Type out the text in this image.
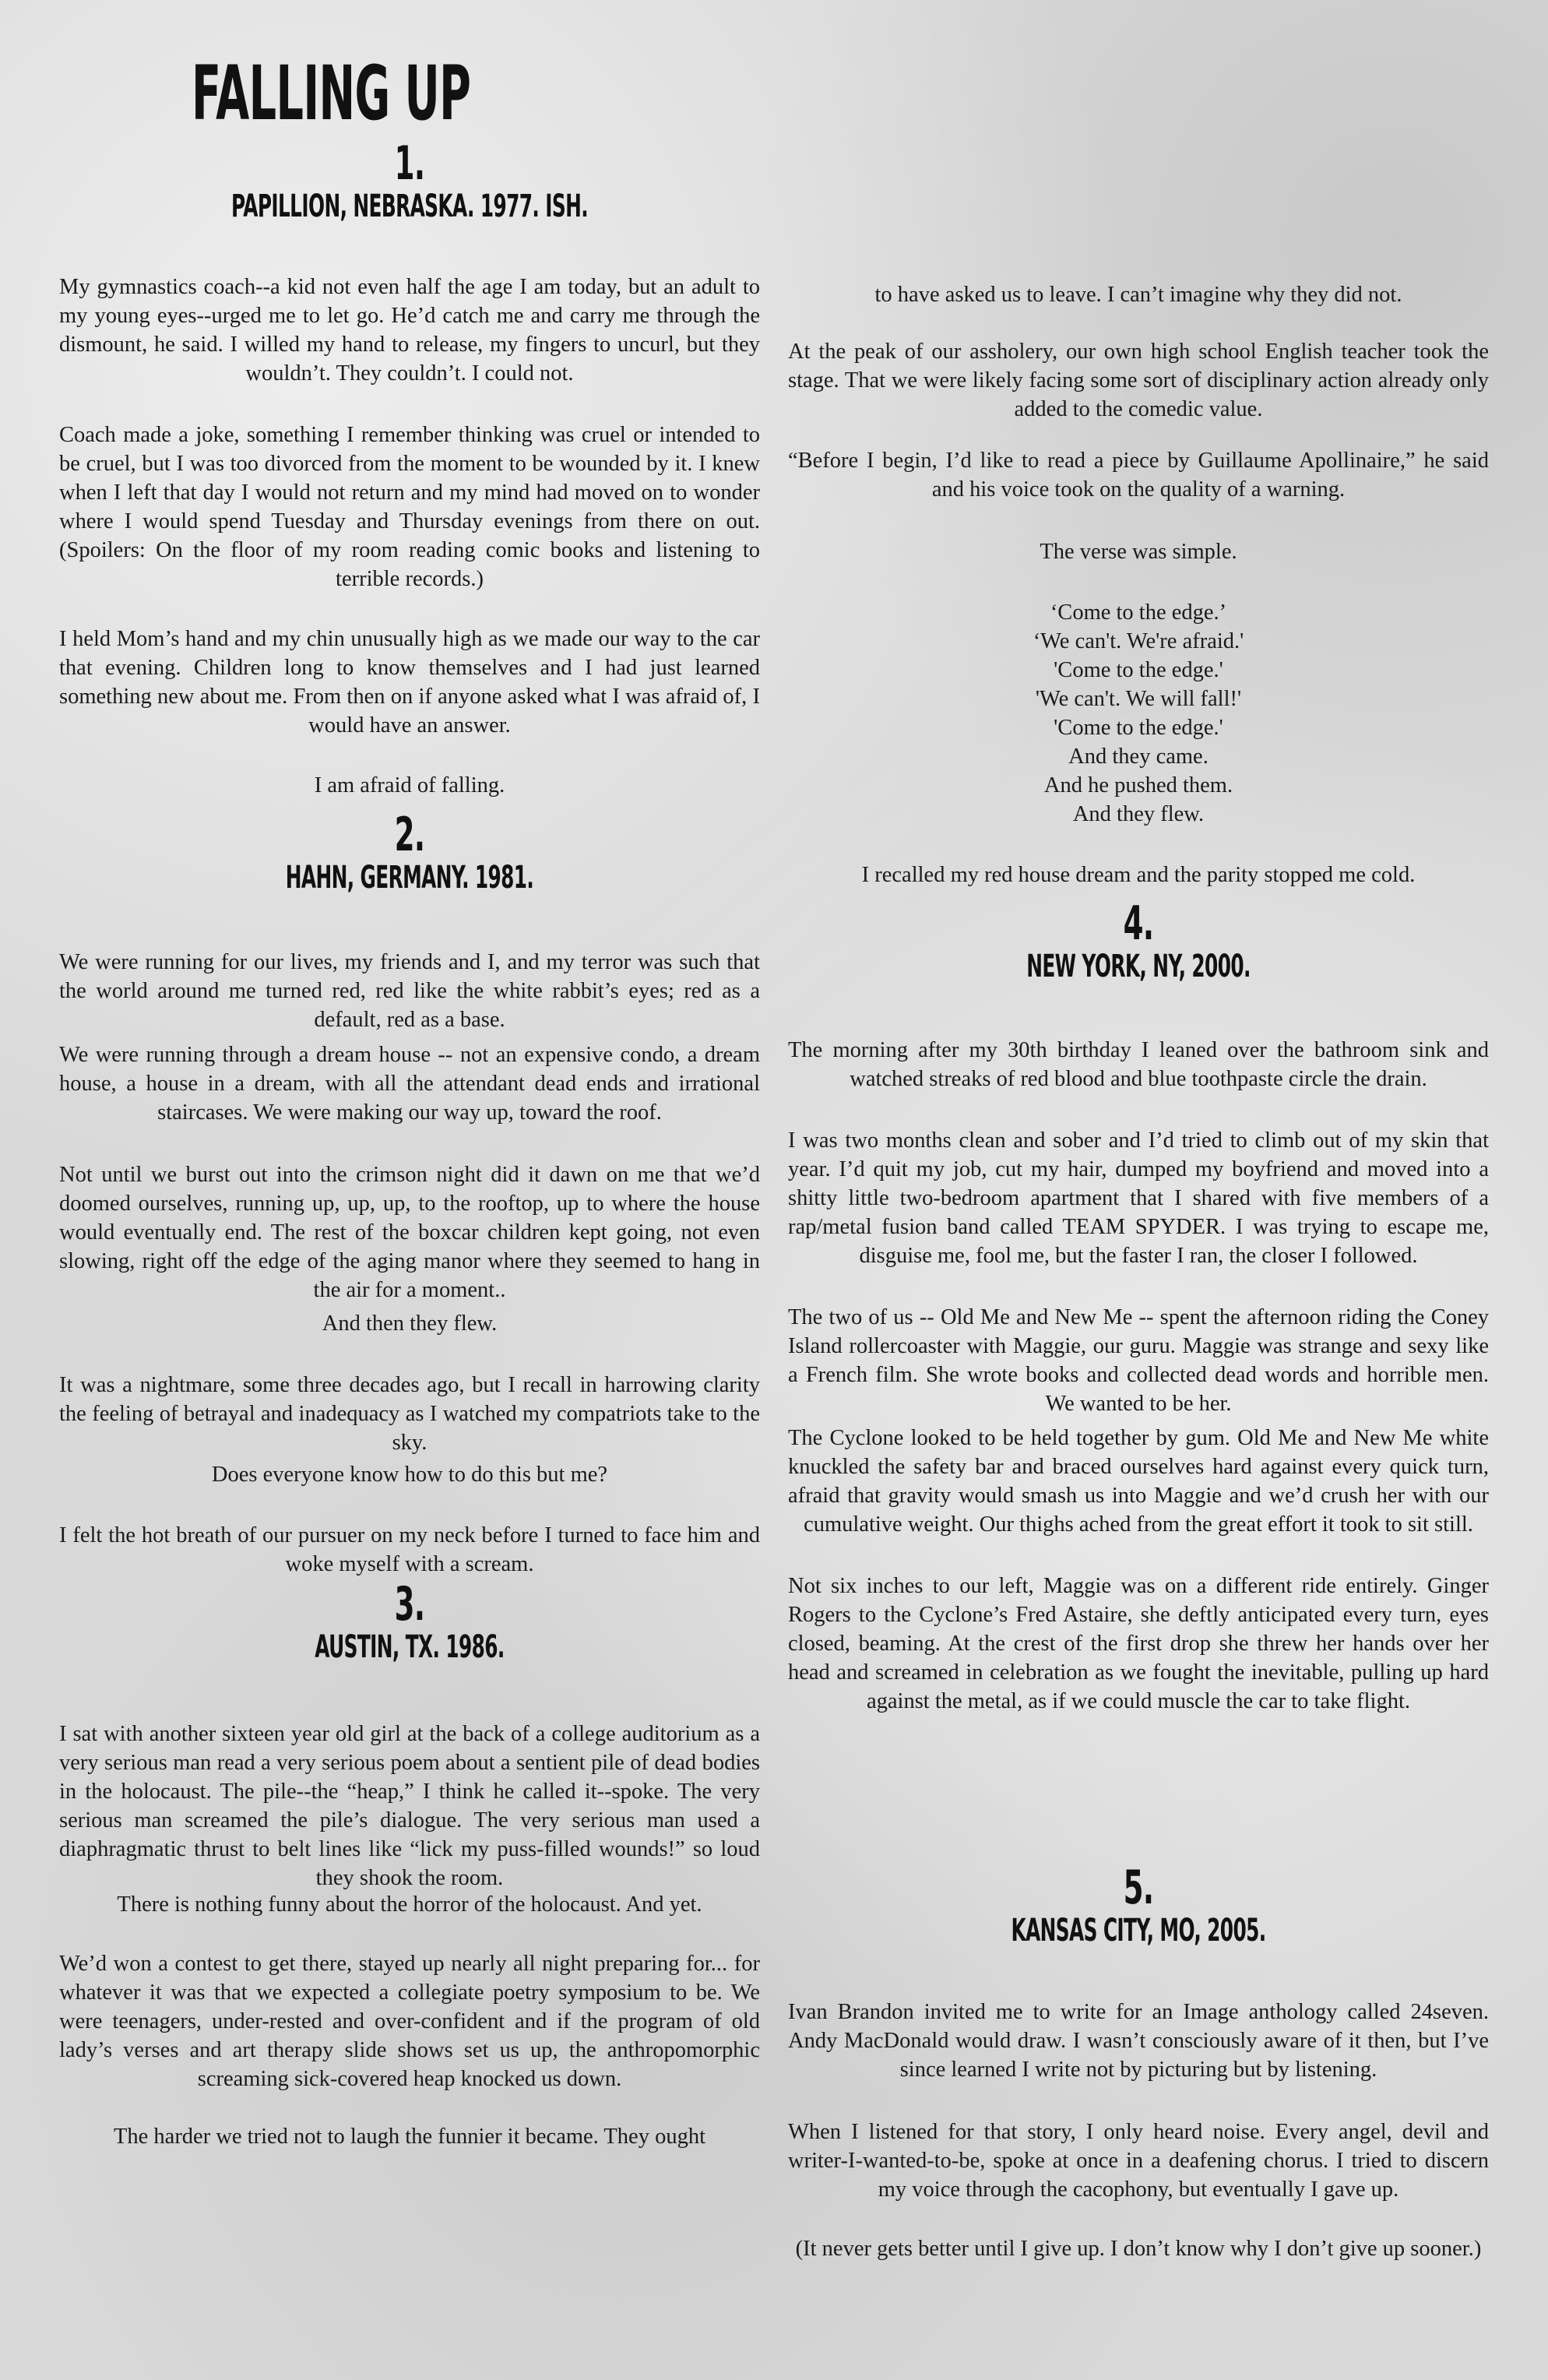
FALLING UP
1.
PAPILLION, NEBRASKA. 1977. ISH.

My gymnastics coach--a kid not even half the age I am today, but an adult to my young eyes--urged me to let go. He’d catch me and carry me through the dismount, he said. I willed my hand to release, my fingers to uncurl, but they wouldn’t. They couldn’t. I could not.

Coach made a joke, something I remember thinking was cruel or intended to be cruel, but I was too divorced from the moment to be wounded by it. I knew when I left that day I would not return and my mind had moved on to wonder where I would spend Tuesday and Thursday evenings from there on out. (Spoilers: On the floor of my room reading comic books and listening to terrible records.)

I held Mom’s hand and my chin unusually high as we made our way to the car that evening. Children long to know themselves and I had just learned something new about me. From then on if anyone asked what I was afraid of, I would have an answer.

I am afraid of falling.

2.
HAHN, GERMANY. 1981.

We were running for our lives, my friends and I, and my terror was such that the world around me turned red, red like the white rabbit’s eyes; red as a default, red as a base.

We were running through a dream house -- not an expensive condo, a dream house, a house in a dream, with all the attendant dead ends and irrational staircases. We were making our way up, toward the roof.

Not until we burst out into the crimson night did it dawn on me that we’d doomed ourselves, running up, up, up, to the rooftop, up to where the house would eventually end. The rest of the boxcar children kept going, not even slowing, right off the edge of the aging manor where they seemed to hang in the air for a moment..

And then they flew.

It was a nightmare, some three decades ago, but I recall in harrowing clarity the feeling of betrayal and inadequacy as I watched my compatriots take to the sky.

Does everyone know how to do this but me?

I felt the hot breath of our pursuer on my neck before I turned to face him and woke myself with a scream.

3.
AUSTIN, TX. 1986.

I sat with another sixteen year old girl at the back of a college auditorium as a very serious man read a very serious poem about a sentient pile of dead bodies in the holocaust. The pile--the “heap,” I think he called it--spoke. The very serious man screamed the pile’s dialogue. The very serious man used a diaphragmatic thrust to belt lines like “lick my puss-filled wounds!” so loud they shook the room.

There is nothing funny about the horror of the holocaust. And yet.

We’d won a contest to get there, stayed up nearly all night preparing for... for whatever it was that we expected a collegiate poetry symposium to be. We were teenagers, under-rested and over-confident and if the program of old lady’s verses and art therapy slide shows set us up, the anthropomorphic screaming sick-covered heap knocked us down.

The harder we tried not to laugh the funnier it became. They ought

to have asked us to leave. I can’t imagine why they did not.

At the peak of our assholery, our own high school English teacher took the stage. That we were likely facing some sort of disciplinary action already only added to the comedic value.

“Before I begin, I’d like to read a piece by Guillaume Apollinaire,” he said and his voice took on the quality of a warning.

The verse was simple.

‘Come to the edge.’

‘We can't. We're afraid.'

'Come to the edge.'

'We can't. We will fall!'

'Come to the edge.'

And they came.

And he pushed them.

And they flew.

I recalled my red house dream and the parity stopped me cold.

4.
NEW YORK, NY, 2000.

The morning after my 30th birthday I leaned over the bathroom sink and watched streaks of red blood and blue toothpaste circle the drain.

I was two months clean and sober and I’d tried to climb out of my skin that year. I’d quit my job, cut my hair, dumped my boyfriend and moved into a shitty little two-bedroom apartment that I shared with five members of a rap/metal fusion band called TEAM SPYDER. I was trying to escape me, disguise me, fool me, but the faster I ran, the closer I followed.

The two of us -- Old Me and New Me -- spent the afternoon riding the Coney Island rollercoaster with Maggie, our guru. Maggie was strange and sexy like a French film. She wrote books and collected dead words and horrible men. We wanted to be her.

The Cyclone looked to be held together by gum. Old Me and New Me white knuckled the safety bar and braced ourselves hard against every quick turn, afraid that gravity would smash us into Maggie and we’d crush her with our cumulative weight. Our thighs ached from the great effort it took to sit still.

Not six inches to our left, Maggie was on a different ride entirely. Ginger Rogers to the Cyclone’s Fred Astaire, she deftly anticipated every turn, eyes closed, beaming. At the crest of the first drop she threw her hands over her head and screamed in celebration as we fought the inevitable, pulling up hard against the metal, as if we could muscle the car to take flight.

5.
KANSAS CITY, MO, 2005.

Ivan Brandon invited me to write for an Image anthology called 24seven. Andy MacDonald would draw. I wasn’t consciously aware of it then, but I’ve since learned I write not by picturing but by listening.

When I listened for that story, I only heard noise. Every angel, devil and writer-I-wanted-to-be, spoke at once in a deafening chorus. I tried to discern my voice through the cacophony, but eventually I gave up.

(It never gets better until I give up. I don’t know why I don’t give up sooner.)
